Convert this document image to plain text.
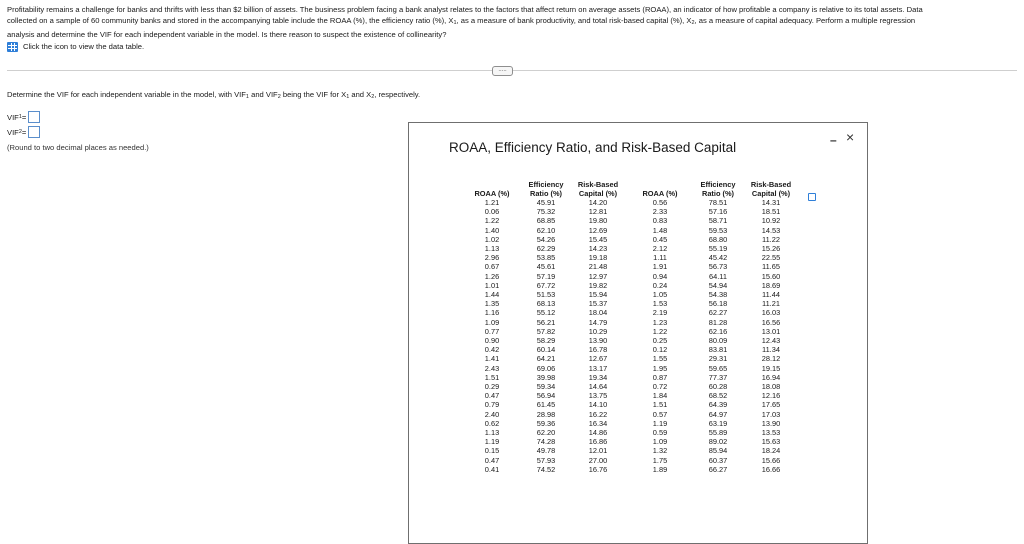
Profitability remains a challenge for banks and thrifts with less than $2 billion of assets. The business problem facing a bank analyst relates to the factors that affect return on average assets (ROAA), an indicator of how profitable a company is relative to its total assets. Data

collected on a sample of 60 community banks and stored in the accompanying table include the ROAA (%), the efficiency ratio (%), $X_1$, as a measure of bank productivity, and total risk-based capital (%), $X_2$, as a measure of capital adequacy. Perform a multiple regression

analysis and determine the VIF for each independent variable in the model. Is there reason to suspect the existence of collinearity?

Click the icon to view the data table.
.....
Determine the VIF for each independent variable in the model, with $VIF_1$ and $VIF_2$ being the VIF for $X_1$ and $X_2$, respectively.
VIF 1 =
VIF 2 =
(Round to two decimal places as needed.)	ROAA, Efficiency Ratio, and Risk-Based Capital	– ×
	Efficiency	Risk-Based		Efficiency	Risk-Based
ROAA (%)	Ratio (%)	Capital (%)	ROAA (%)	Ratio (%)	Capital (%)
1.21	45.91	14.20	0.56	78.51	14.31
0.06	75.32	12.81	2.33	57.16	18.51
1.22	68.85	19.80	0.83	58.71	10.92
1.40	62.10	12.69	1.48	59.53	14.53
1.02	54.26	15.45	0.45	68.80	11.22
1.13	62.29	14.23	2.12	55.19	15.26
2.96	53.85	19.18	1.11	45.42	22.55
0.67	45.61	21.48	1.91	56.73	11.65
1.26	57.19	12.97	0.94	64.11	15.60
1.01	67.72	19.82	0.24	54.94	18.69
1.44	51.53	15.94	1.05	54.38	11.44
1.35	68.13	15.37	1.53	56.18	11.21
1.16	55.12	18.04	2.19	62.27	16.03
1.09	56.21	14.79	1.23	81.28	16.56
0.77	57.82	10.29	1.22	62.16	13.01
0.90	58.29	13.90	0.25	80.09	12.43
0.42	60.14	16.78	0.12	83.81	11.34
1.41	64.21	12.67	1.55	29.31	28.12
2.43	69.06	13.17	1.95	59.65	19.15
1.51	39.98	19.34	0.87	77.37	16.94
0.29	59.34	14.64	0.72	60.28	18.08
0.47	56.94	13.75	1.84	68.52	12.16
0.79	61.45	14.10	1.51	64.39	17.65
2.40	28.98	16.22	0.57	64.97	17.03
0.62	59.36	16.34	1.19	63.19	13.90
1.13	62.20	14.86	0.59	55.89	13.53
1.19	74.28	16.86	1.09	89.02	15.63
0.15	49.78	12.01	1.32	85.94	18.24
0.47	57.93	27.00	1.75	60.37	15.66
0.41	74.52	16.76	1.89	66.27	16.66
